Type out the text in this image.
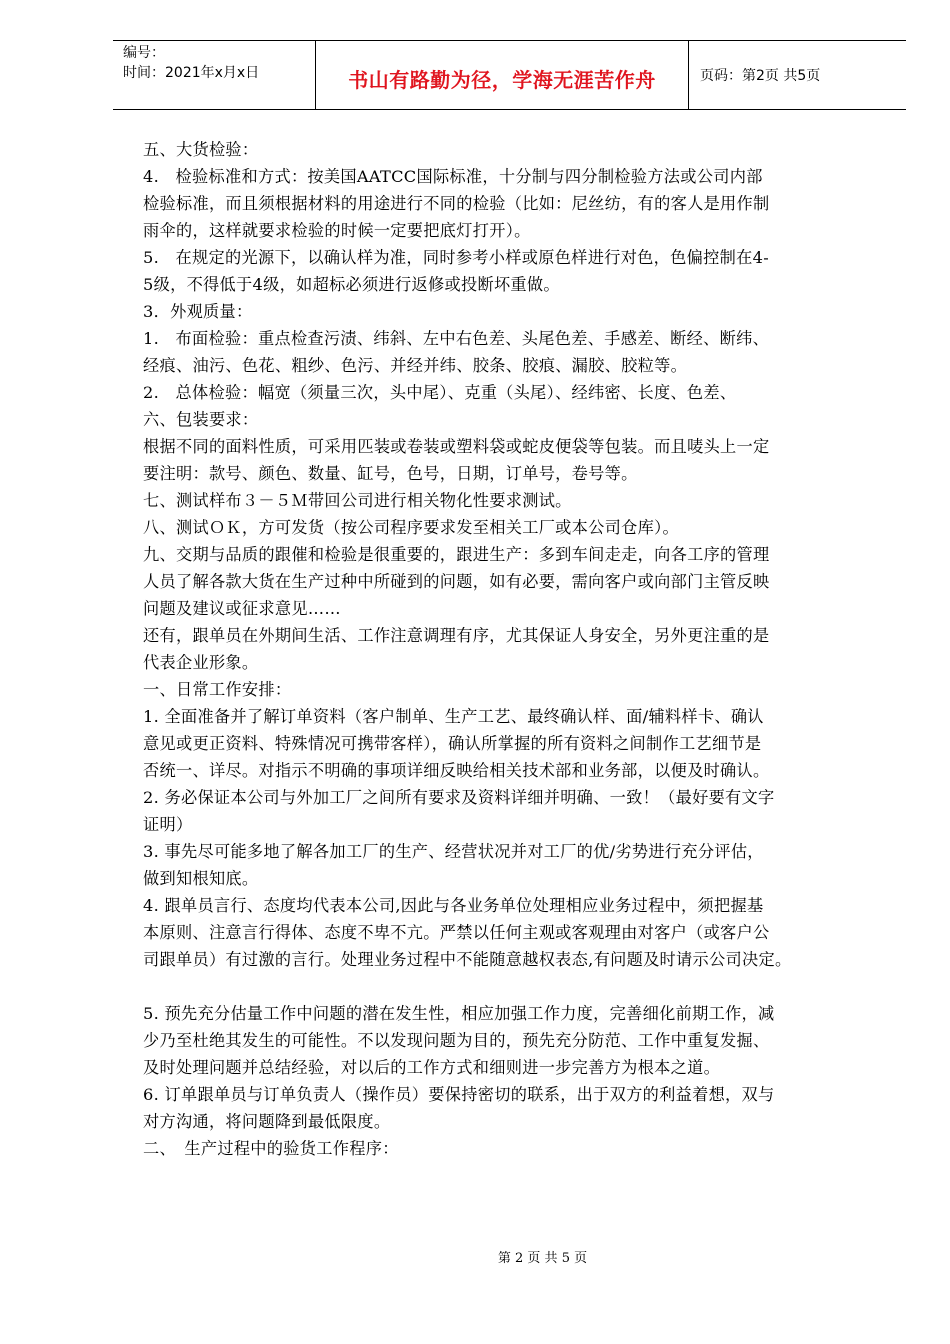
编号：
时间：2021年x月x日	书山有路勤为径，学海无涯苦作舟	页码：第2页 共5页
五、大货检验：
4.　检验标准和方式：按美国AATCC国际标准，十分制与四分制检验方法或公司内部
检验标准，而且须根据材料的用途进行不同的检验（比如：尼丝纺，有的客人是用作制
雨伞的，这样就要求检验的时候一定要把底灯打开）。
5.　在规定的光源下，以确认样为准，同时参考小样或原色样进行对色，色偏控制在4-
5级，不得低于4级，如超标必须进行返修或投断坏重做。
3．外观质量：
1.　布面检验：重点检查污渍、纬斜、左中右色差、头尾色差、手感差、断经、断纬、
经痕、油污、色花、粗纱、色污、并经并纬、胶条、胶痕、漏胶、胶粒等。
2.　总体检验：幅宽（须量三次，头中尾）、克重（头尾）、经纬密、长度、色差、
六、包装要求：
根据不同的面料性质，可采用匹装或卷装或塑料袋或蛇皮便袋等包装。而且唛头上一定
要注明：款号、颜色、数量、缸号，色号，日期，订单号，卷号等。
七、测试样布３－５Ｍ带回公司进行相关物化性要求测试。
八、测试ＯＫ，方可发货（按公司程序要求发至相关工厂或本公司仓库）。
九、交期与品质的跟催和检验是很重要的，跟进生产：多到车间走走，向各工序的管理
人员了解各款大货在生产过种中所碰到的问题，如有必要，需向客户或向部门主管反映
问题及建议或征求意见……
还有，跟单员在外期间生活、工作注意调理有序，尤其保证人身安全，另外更注重的是
代表企业形象。
一、日常工作安排：
1. 全面准备并了解订单资料（客户制单、生产工艺、最终确认样、面/辅料样卡、确认
意见或更正资料、特殊情况可携带客样），确认所掌握的所有资料之间制作工艺细节是
否统一、详尽。对指示不明确的事项详细反映给相关技术部和业务部，以便及时确认。
2. 务必保证本公司与外加工厂之间所有要求及资料详细并明确、一致！（最好要有文字
证明）
3. 事先尽可能多地了解各加工厂的生产、经营状况并对工厂的优/劣势进行充分评估，
做到知根知底。
4. 跟单员言行、态度均代表本公司,因此与各业务单位处理相应业务过程中，须把握基
本原则、注意言行得体、态度不卑不亢。严禁以任何主观或客观理由对客户（或客户公
司跟单员）有过激的言行。处理业务过程中不能随意越权表态,有问题及时请示公司决定。
5. 预先充分估量工作中问题的潜在发生性，相应加强工作力度，完善细化前期工作，减
少乃至杜绝其发生的可能性。不以发现问题为目的，预先充分防范、工作中重复发掘、
及时处理问题并总结经验，对以后的工作方式和细则进一步完善方为根本之道。
6. 订单跟单员与订单负责人（操作员）要保持密切的联系，出于双方的利益着想，双与
对方沟通，将问题降到最低限度。
二、　生产过程中的验货工作程序：
第 2 页 共 5 页
